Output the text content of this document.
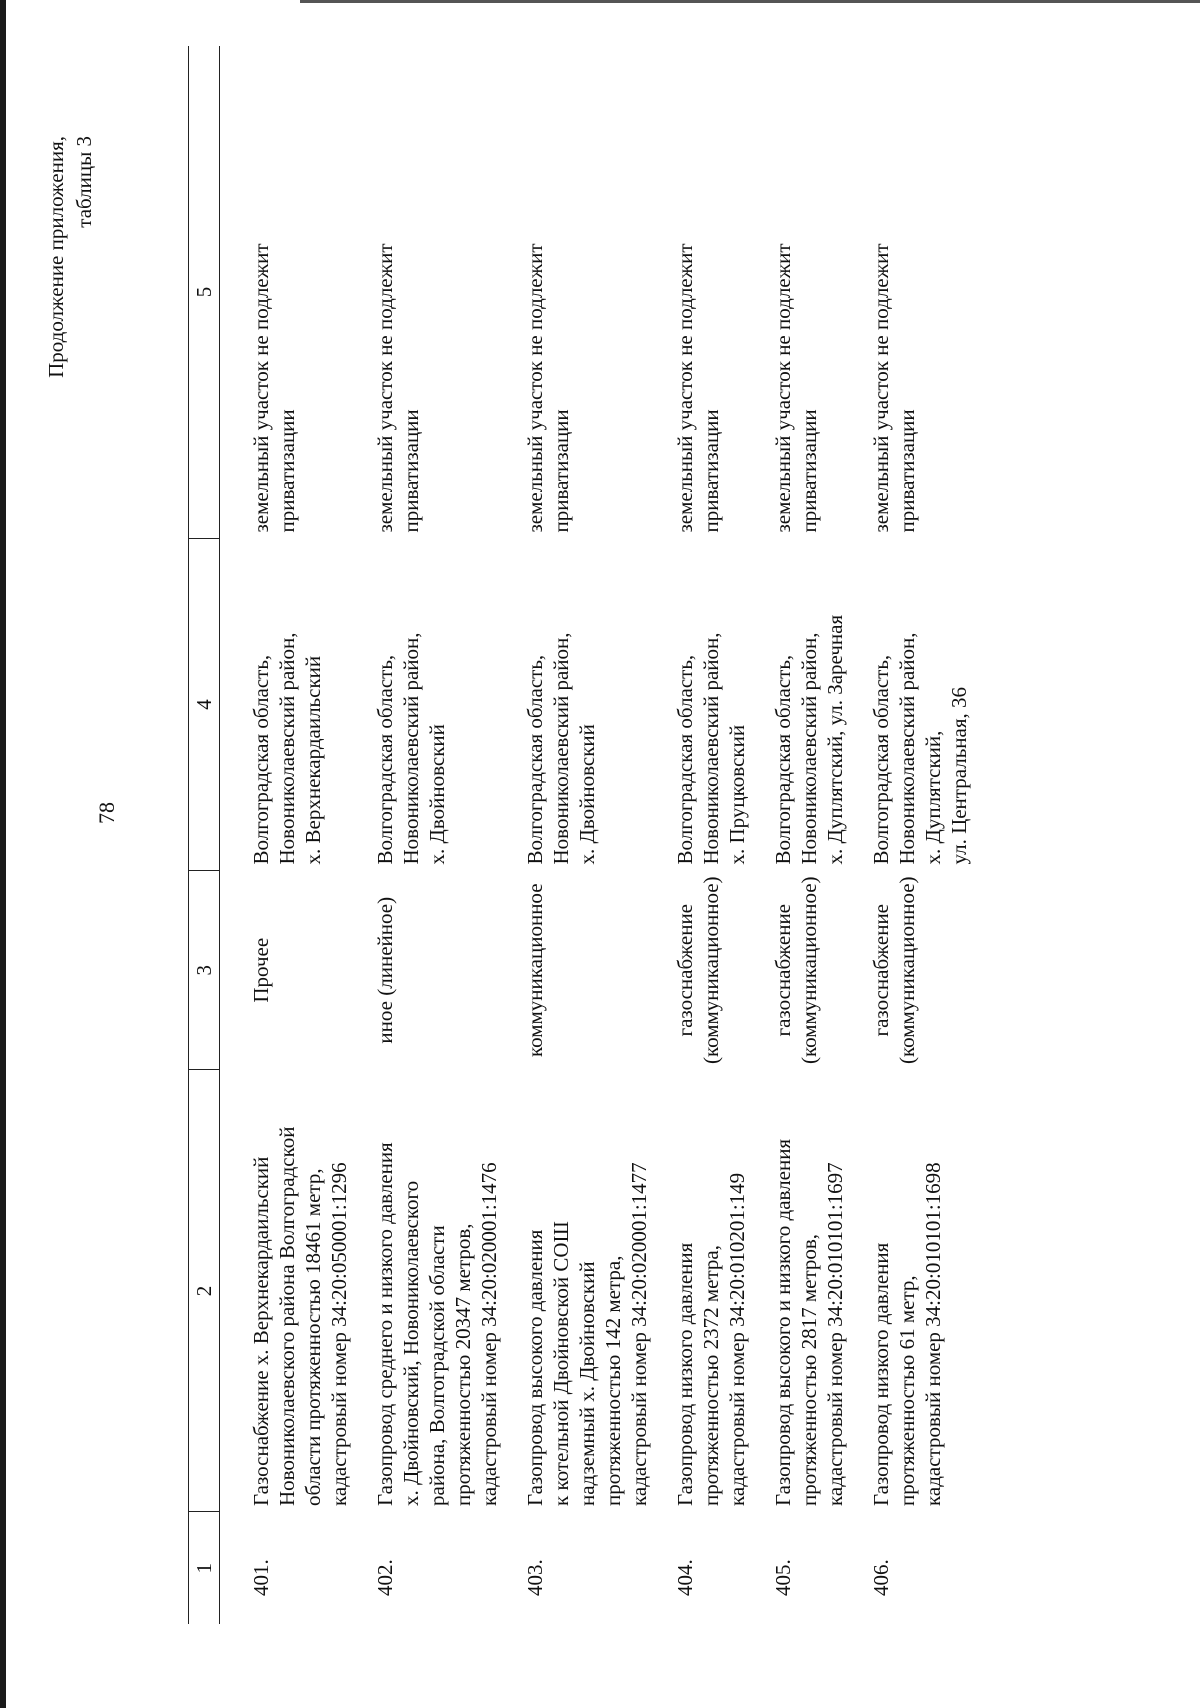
78
Продолжение приложения, таблицы 3
1	2	3	4	5
401.	Газоснабжение х. Верхнекардаильский Новониколаевского района Волгоградской области протяженностью 18461 метр, кадастровый номер 34:20:050001:1296	Прочее	Волгоградская область, Новониколаевский район, х. Верхнекардаильский	земельный участок не подлежит приватизации

402.	Газопровод среднего и низкого давления х. Двойновский, Новониколаевского района, Волгоградской области протяженностью 20347 метров, кадастровый номер 34:20:020001:1476	иное (линейное)	Волгоградская область, Новониколаевский район, х. Двойновский	земельный участок не подлежит приватизации

403.	Газопровод высокого давления к котельной Двойновской СОШ надземный х. Двойновский протяженностью 142 метра, кадастровый номер 34:20:020001:1477	коммуникационное	Волгоградская область, Новониколаевский район, х. Двойновский	земельный участок не подлежит приватизации

404.	Газопровод низкого давления протяженностью 2372 метра, кадастровый номер 34:20:010201:149	газоснабжение (коммуникационное)	Волгоградская область, Новониколаевский район, х. Пруцковский	земельный участок не подлежит приватизации

405.	Газопровод высокого и низкого давления протяженностью 2817 метров, кадастровый номер 34:20:010101:1697	газоснабжение (коммуникационное)	Волгоградская область, Новониколаевский район, х. Дуплятский, ул. Заречная	земельный участок не подлежит приватизации

406.	Газопровод низкого давления протяженностью 61 метр, кадастровый номер 34:20:010101:1698	газоснабжение (коммуникационное)	Волгоградская область, Новониколаевский район, х. Дуплятский, ул. Центральная, 36	земельный участок не подлежит приватизации
